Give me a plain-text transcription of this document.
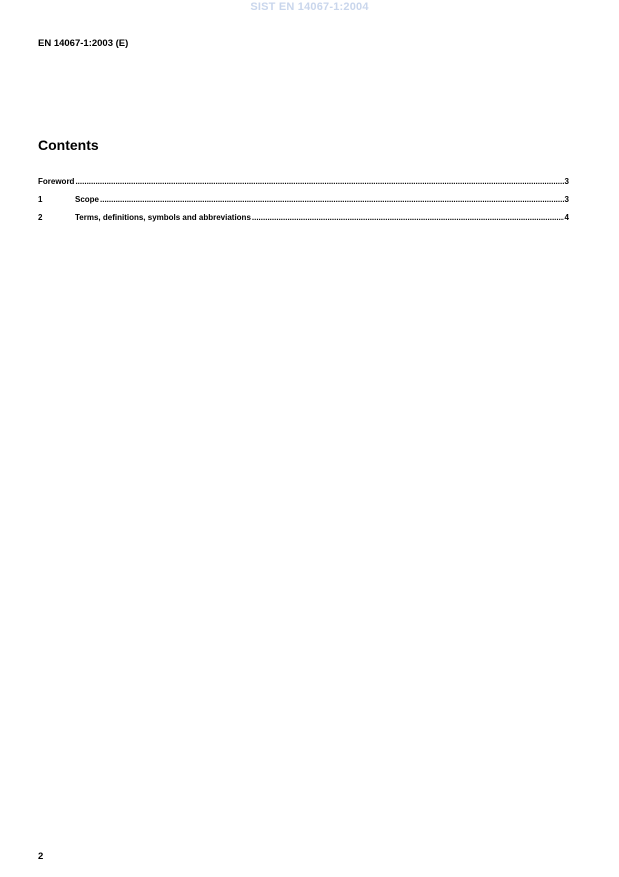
SIST EN 14067-1:2004
EN 14067-1:2003 (E)
Contents
Foreword .....	3
1	Scope .....	3
2	Terms, definitions, symbols and abbreviations .....	4
2
